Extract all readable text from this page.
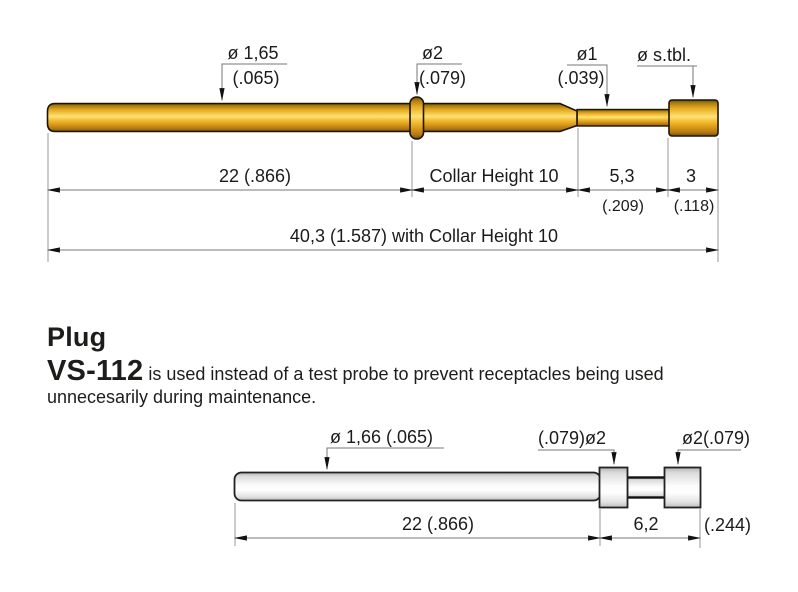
ø 1,65
(.065)
ø2
(.079)
ø1
(.039)
ø s.tbl.
22 (.866)	Collar Height 10	5,3	3
(.209) (.118)
40,3 (1.587) with Collar Height 10
ø 1,66 (.065)	(.079)ø2	ø2(.079)
22 (.866)	6,2	(.244)
Plug
VS-112 is used instead of a test probe to prevent receptacles being used
unnecesarily during maintenance.
